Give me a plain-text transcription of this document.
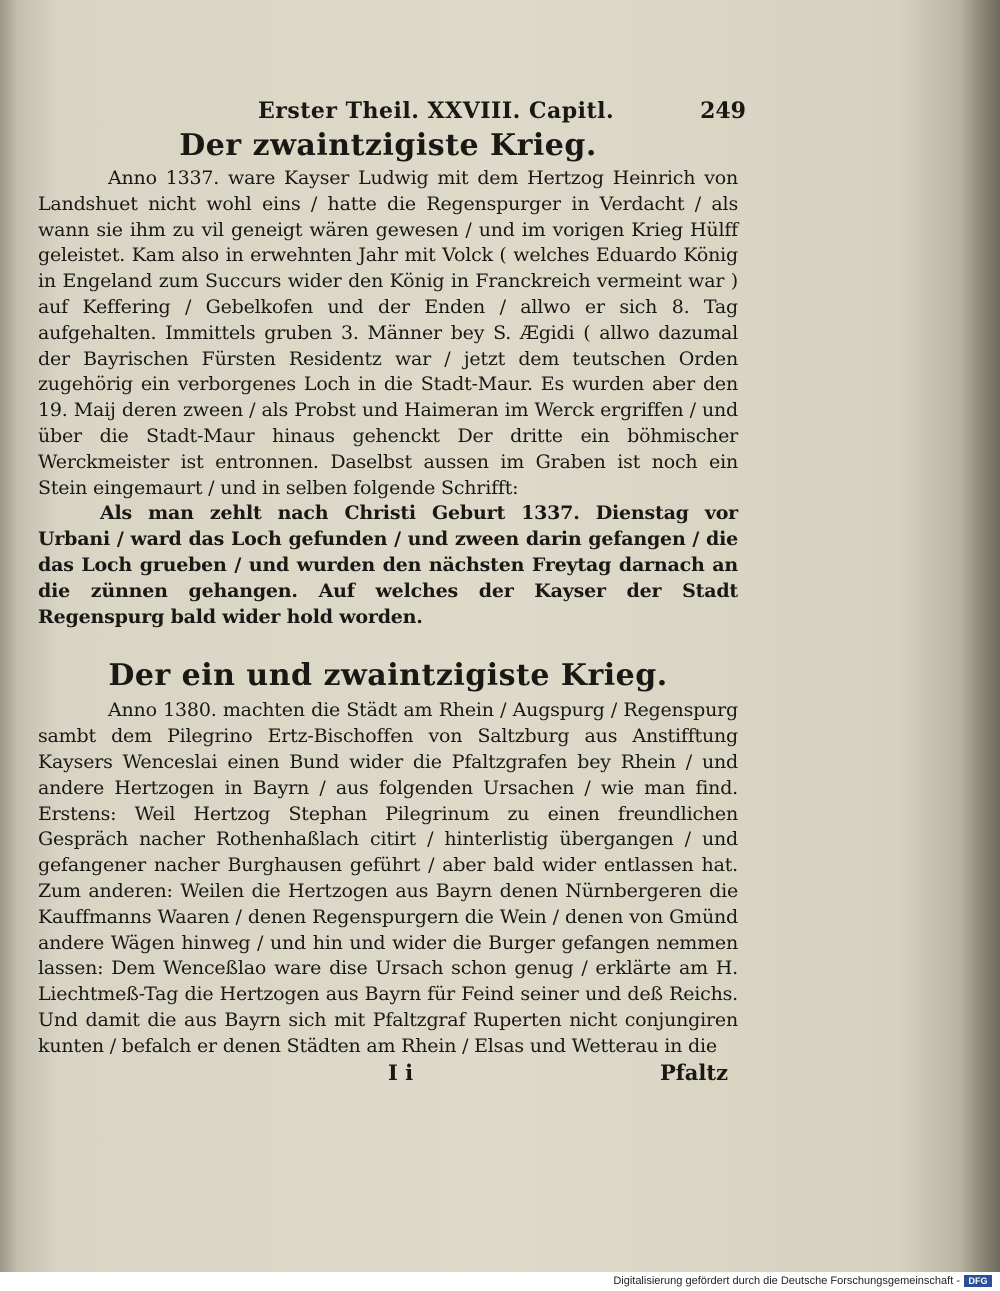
Erster Theil. XXVIII. Capitl.	249
Der zwaintzigiste Krieg.

Anno 1337. ware Kayser Ludwig mit dem Hertzog Heinrich von Landshuet nicht wohl eins / hatte die Regenspurger in Verdacht / als wann sie ihm zu vil geneigt wären gewesen / und im vorigen Krieg Hülff geleistet. Kam also in erwehnten Jahr mit Volck ( welches Eduardo König in Engeland zum Succurs wider den König in Franckreich vermeint war ) auf Keffering / Gebelkofen und der Enden / allwo er sich 8. Tag aufgehalten. Immittels gruben 3. Männer bey S. Ægidi ( allwo dazumal der Bayrischen Fürsten Residentz war / jetzt dem teutschen Orden zugehörig ein verborgenes Loch in die Stadt-Maur. Es wurden aber den 19. Maij deren zween / als Probst und Haimeran im Werck ergriffen / und über die Stadt-Maur hinaus gehenckt Der dritte ein böhmischer Werckmeister ist entronnen. Daselbst aussen im Graben ist noch ein Stein eingemaurt / und in selben folgende Schrifft:

Als man zehlt nach Christi Geburt 1337. Dienstag vor Urbani / ward das Loch gefunden / und zween darin gefangen / die das Loch grueben / und wurden den nächsten Freytag darnach an die zünnen gehangen. Auf welches der Kayser der Stadt Regenspurg bald wider hold worden.

Der ein und zwaintzigiste Krieg.

Anno 1380. machten die Städt am Rhein / Augspurg / Regenspurg sambt dem Pilegrino Ertz-Bischoffen von Saltzburg aus Anstifftung Kaysers Wenceslai einen Bund wider die Pfaltzgrafen bey Rhein / und andere Hertzogen in Bayrn / aus folgenden Ursachen / wie man find. Erstens: Weil Hertzog Stephan Pilegrinum zu einen freundlichen Gespräch nacher Rothenhaßlach citirt / hinterlistig übergangen / und gefangener nacher Burghausen geführt / aber bald wider entlassen hat. Zum anderen: Weilen die Hertzogen aus Bayrn denen Nürnbergeren die Kauffmanns Waaren / denen Regenspurgern die Wein / denen von Gmünd andere Wägen hinweg / und hin und wider die Burger gefangen nemmen lassen: Dem Wenceßlao ware dise Ursach schon genug / erklärte am H. Liechtmeß-Tag die Hertzogen aus Bayrn für Feind seiner und deß Reichs. Und damit die aus Bayrn sich mit Pfaltzgraf Ruperten nicht conjungiren kunten / befalch er denen Städten am Rhein / Elsas und Wetterau in die

I i	Pfaltz
Digitalisierung gefördert durch die Deutsche Forschungsgemeinschaft - DFG
